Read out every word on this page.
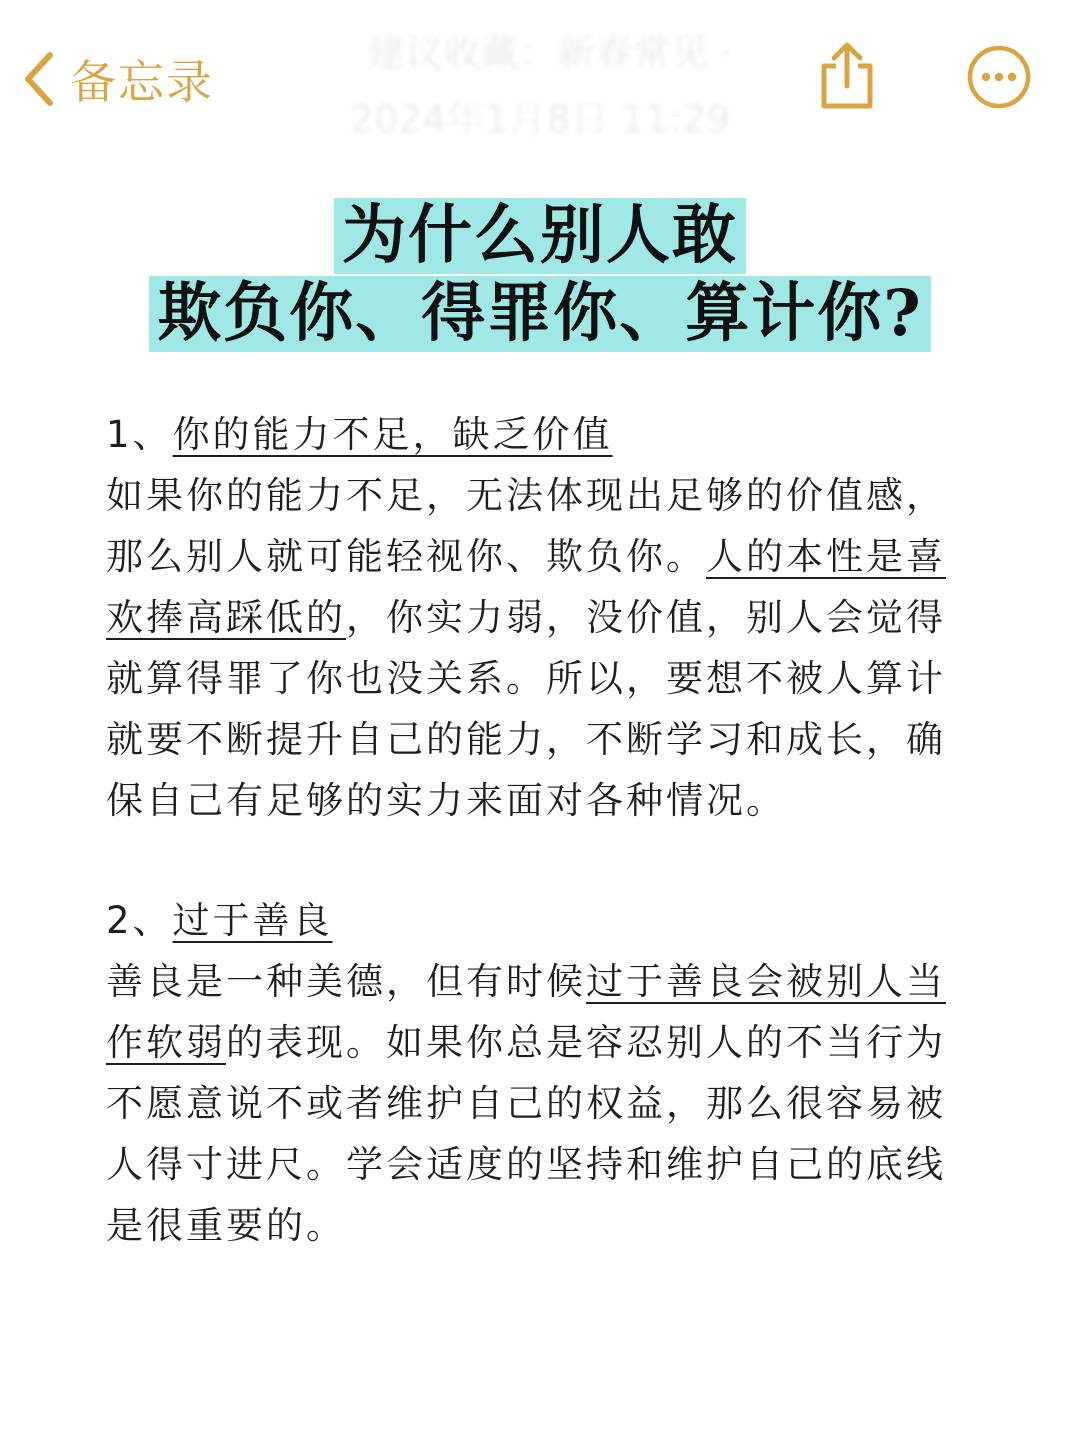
建议收藏：新春常见 ·
2024年1月8日 11:29
备忘录
为什么别人敢
欺负你、得罪你、算计你?
1、你的能力不足，缺乏价值
如果你的能力不足，无法体现出足够的价值感，那么别人就可能轻视你、欺负你。人的本性是喜欢捧高踩低的，你实力弱，没价值，别人会觉得就算得罪了你也没关系。所以，要想不被人算计就要不断提升自己的能力，不断学习和成长，确保自己有足够的实力来面对各种情况。
2、过于善良
善良是一种美德，但有时候过于善良会被别人当作软弱的表现。如果你总是容忍别人的不当行为不愿意说不或者维护自己的权益，那么很容易被人得寸进尺。学会适度的坚持和维护自己的底线是很重要的。
